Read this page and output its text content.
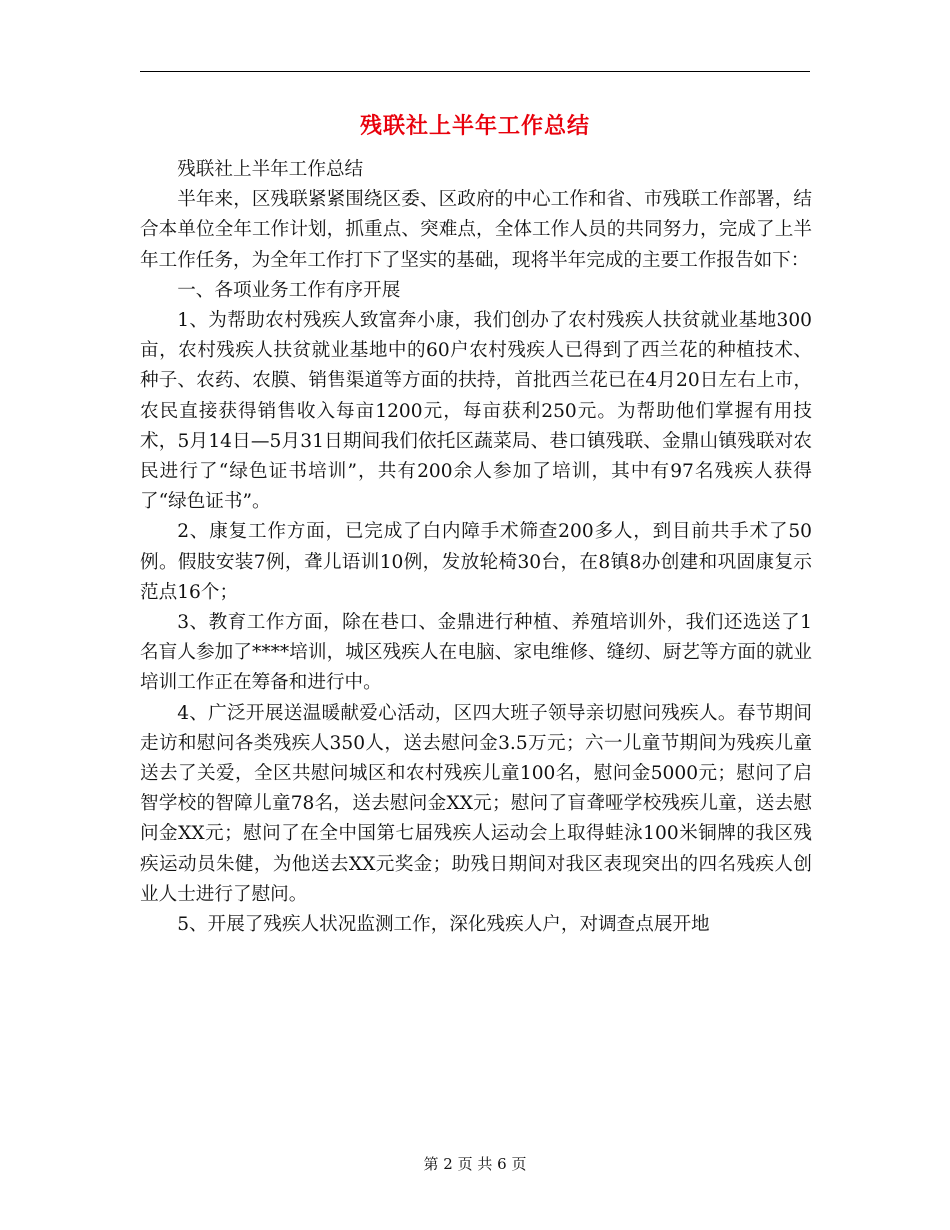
残联社上半年工作总结

残联社上半年工作总结

半年来，区残联紧紧围绕区委、区政府的中心工作和省、市残联工作部署，结合本单位全年工作计划，抓重点、突难点，全体工作人员的共同努力，完成了上半年工作任务，为全年工作打下了坚实的基础，现将半年完成的主要工作报告如下：

一、各项业务工作有序开展

1、为帮助农村残疾人致富奔小康，我们创办了农村残疾人扶贫就业基地300亩，农村残疾人扶贫就业基地中的60户农村残疾人已得到了西兰花的种植技术、种子、农药、农膜、销售渠道等方面的扶持，首批西兰花已在4月20日左右上市，农民直接获得销售收入每亩1200元，每亩获利250元。为帮助他们掌握有用技术，5月14日—5月31日期间我们依托区蔬菜局、巷口镇残联、金鼎山镇残联对农民进行了“绿色证书培训”，共有200余人参加了培训，其中有97名残疾人获得了“绿色证书”。

2、康复工作方面，已完成了白内障手术筛查200多人，到目前共手术了50例。假肢安装7例，聋儿语训10例，发放轮椅30台，在8镇8办创建和巩固康复示范点16个；

3、教育工作方面，除在巷口、金鼎进行种植、养殖培训外，我们还选送了1名盲人参加了****培训，城区残疾人在电脑、家电维修、缝纫、厨艺等方面的就业培训工作正在筹备和进行中。

4、广泛开展送温暖献爱心活动，区四大班子领导亲切慰问残疾人。春节期间走访和慰问各类残疾人350人，送去慰问金3.5万元；六一儿童节期间为残疾儿童送去了关爱，全区共慰问城区和农村残疾儿童100名，慰问金5000元；慰问了启智学校的智障儿童78名，送去慰问金XX元；慰问了盲聋哑学校残疾儿童，送去慰问金XX元；慰问了在全中国第七届残疾人运动会上取得蛙泳100米铜牌的我区残疾运动员朱健，为他送去XX元奖金；助残日期间对我区表现突出的四名残疾人创业人士进行了慰问。

5、开展了残疾人状况监测工作，深化残疾人户，对调查点展开地

第 2 页 共 6 页
